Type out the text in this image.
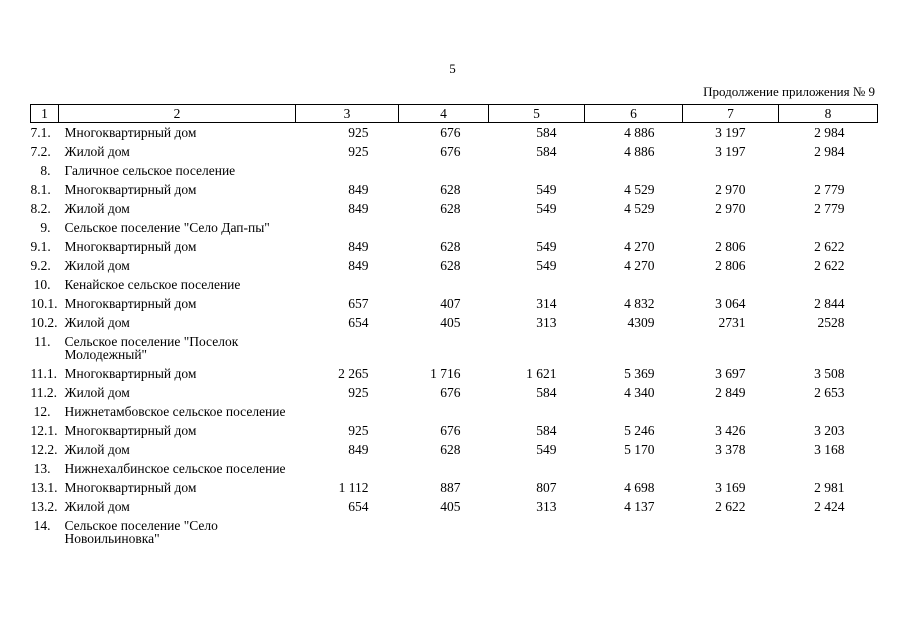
5
Продолжение приложения № 9
1	2	3	4	5	6	7	8
7.1.	Многоквартирный дом	925	676	584	4 886	3 197	2 984
7.2.	Жилой дом	925	676	584	4 886	3 197	2 984
8.	Галичное сельское поселение						
8.1.	Многоквартирный дом	849	628	549	4 529	2 970	2 779
8.2.	Жилой дом	849	628	549	4 529	2 970	2 779
9.	Сельское поселение "Село Дап-пы"						
9.1.	Многоквартирный дом	849	628	549	4 270	2 806	2 622
9.2.	Жилой дом	849	628	549	4 270	2 806	2 622
10.	Кенайское сельское поселение						
10.1.	Многоквартирный дом	657	407	314	4 832	3 064	2 844
10.2.	Жилой дом	654	405	313	4309	2731	2528
11.	Сельское поселение "Поселок Молодежный"						
11.1.	Многоквартирный дом	2 265	1 716	1 621	5 369	3 697	3 508
11.2.	Жилой дом	925	676	584	4 340	2 849	2 653
12.	Нижнетамбовское сельское поселение						
12.1.	Многоквартирный дом	925	676	584	5 246	3 426	3 203
12.2.	Жилой дом	849	628	549	5 170	3 378	3 168
13.	Нижнехалбинское сельское поселение						
13.1.	Многоквартирный дом	1 112	887	807	4 698	3 169	2 981
13.2.	Жилой дом	654	405	313	4 137	2 622	2 424
14.	Сельское поселение "Село Новоильиновка"						
